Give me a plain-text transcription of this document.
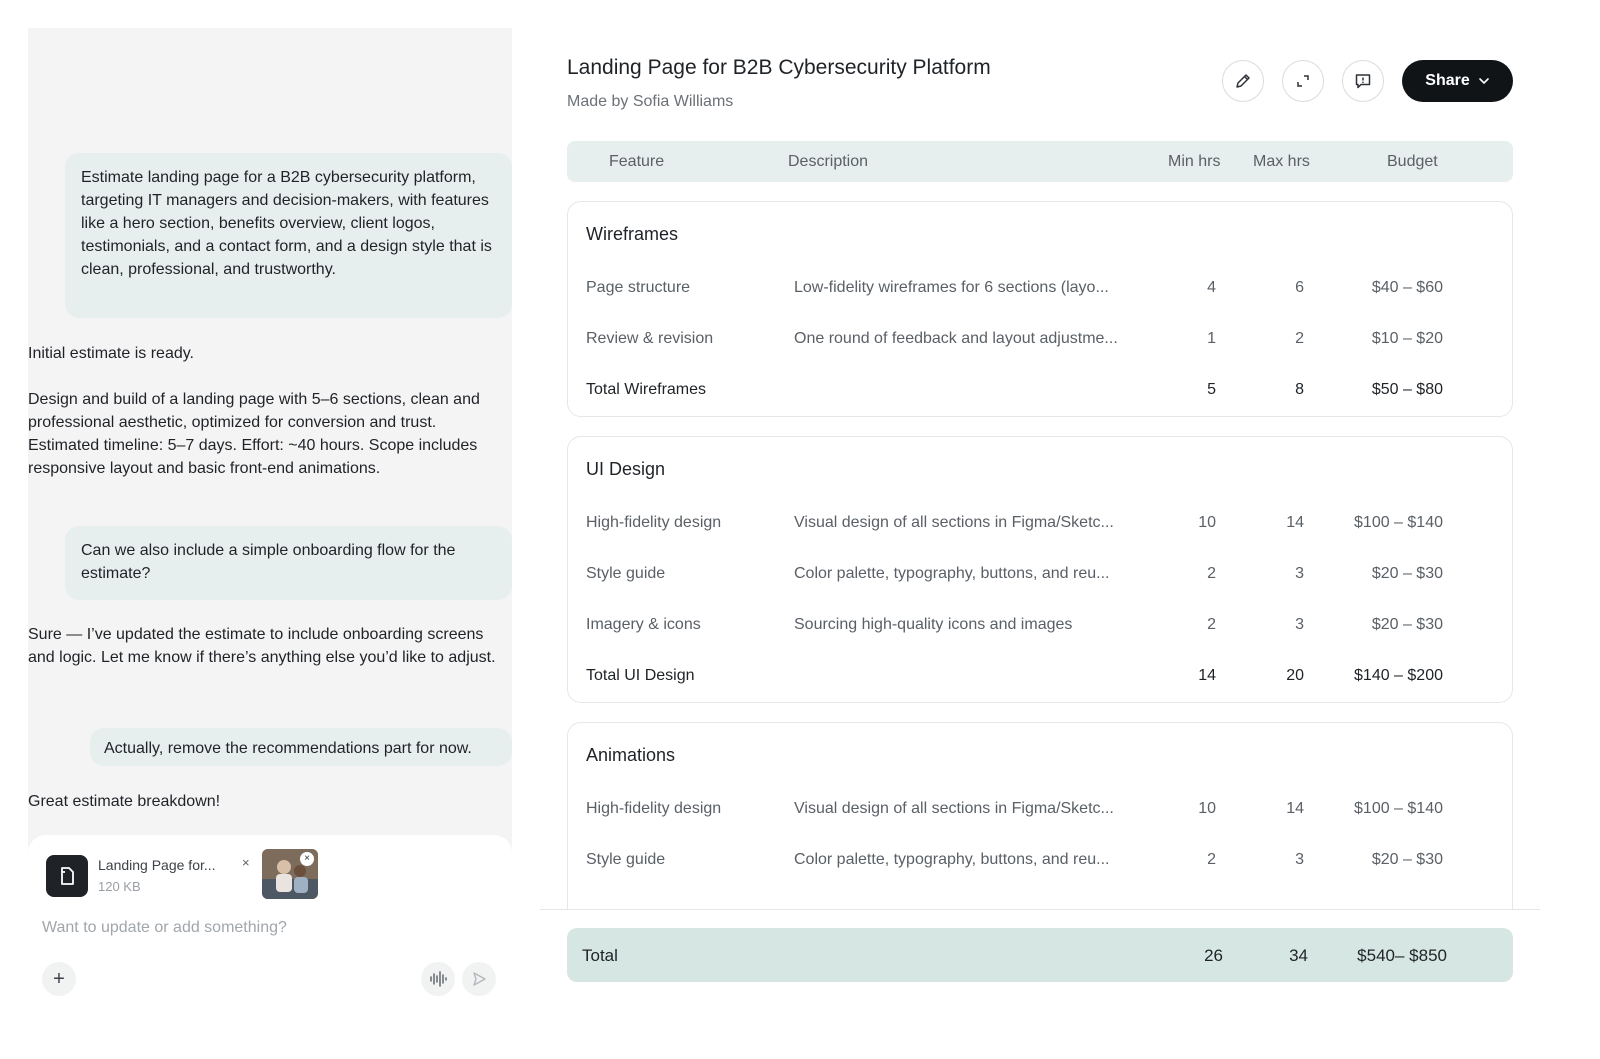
Estimate landing page for a B2B cybersecurity platform, targeting IT managers and decision-makers, with features like a hero section, benefits overview, client logos, testimonials, and a contact form, and a design style that is clean, professional, and trustworthy.
Initial estimate is ready.
Design and build of a landing page with 5–6 sections, clean and professional aesthetic, optimized for conversion and trust. Estimated timeline: 5–7 days. Effort: ~40 hours. Scope includes responsive layout and basic front-end animations.
Can we also include a simple onboarding flow for the estimate?
Sure — I’ve updated the estimate to include onboarding screens and logic. Let me know if there’s anything else you’d like to adjust.
Actually, remove the recommendations part for now.
Great estimate breakdown!
Landing Page for...
120 KB
×	×
Want to update or add something?
+
Landing Page for B2B Cybersecurity Platform
Made by Sofia Williams
Share
Feature	Description	Min hrs Max hrs	Budget
Wireframes
Page structure	Low-fidelity wireframes for 6 sections (layo...	4	6	$40 – $60
Review & revision	One round of feedback and layout adjustme...	1	2	$10 – $20
Total Wireframes	5	8	$50 – $80
UI Design
High-fidelity design	Visual design of all sections in Figma/Sketc...	10	14	$100 – $140
Style guide	Color palette, typography, buttons, and reu...	2	3	$20 – $30
Imagery & icons	Sourcing high-quality icons and images	2	3	$20 – $30
Total UI Design	14	20	$140 – $200
Animations
High-fidelity design	Visual design of all sections in Figma/Sketc...	10	14	$100 – $140
Style guide	Color palette, typography, buttons, and reu...	2	3	$20 – $30
Total	26	34	$540– $850
